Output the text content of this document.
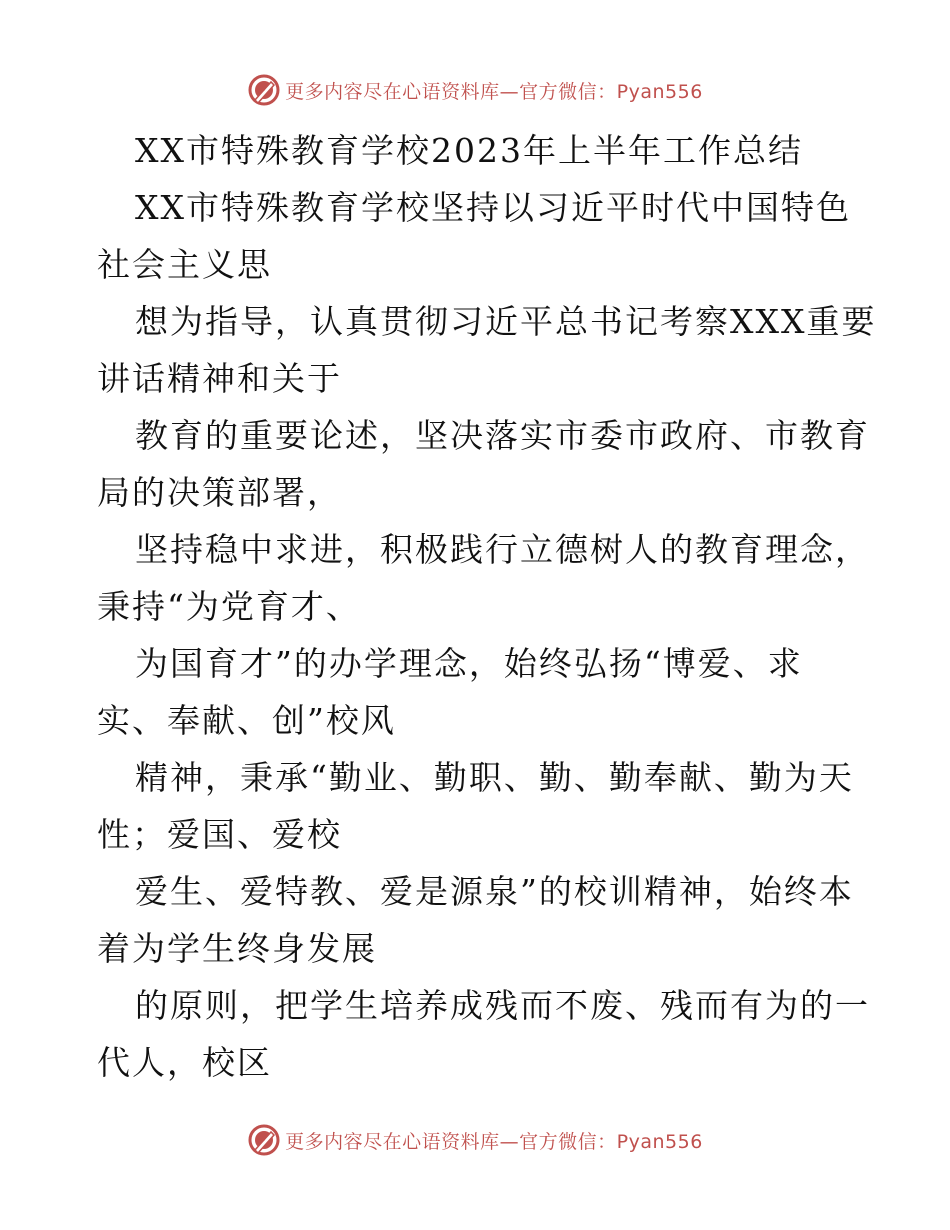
更多内容尽在心语资料库—官方微信：Pyan556
XX市特殊教育学校2023年上半年工作总结
XX市特殊教育学校坚持以习近平时代中国特色
社会主义思
想为指导，认真贯彻习近平总书记考察XXX重要
讲话精神和关于
教育的重要论述，坚决落实市委市政府、市教育
局的决策部署，
坚持稳中求进，积极践行立德树人的教育理念，
秉持“为党育才、
为国育才”的办学理念，始终弘扬“博爱、求
实、奉献、创”校风
精神，秉承“勤业、勤职、勤、勤奉献、勤为天
性；爱国、爱校
爱生、爱特教、爱是源泉”的校训精神，始终本
着为学生终身发展
的原则，把学生培养成残而不废、残而有为的一
代人，校区
更多内容尽在心语资料库—官方微信：Pyan556
